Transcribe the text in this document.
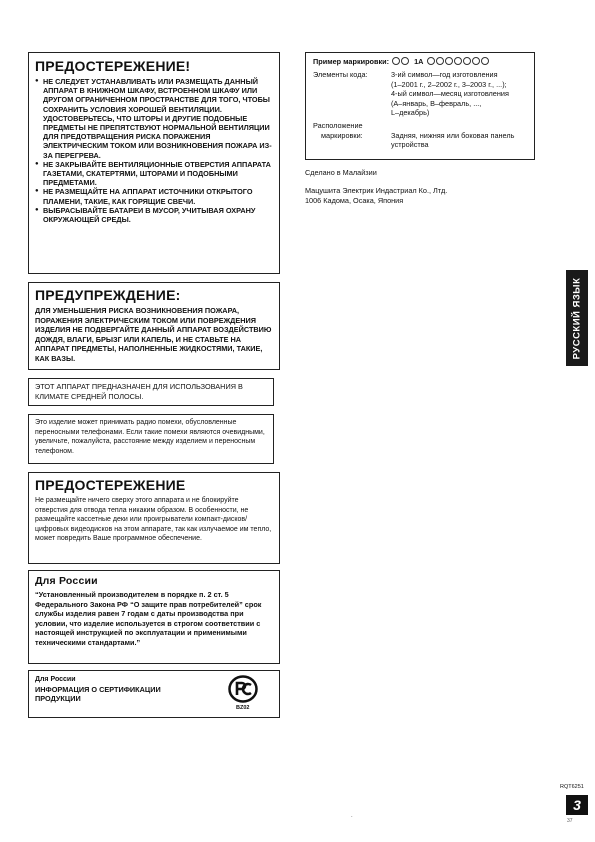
ПРЕДОСТЕРЕЖЕНИЕ!
● НЕ СЛЕДУЕТ УСТАНАВЛИВАТЬ ИЛИ РАЗМЕЩАТЬ ДАННЫЙ АППАРАТ В КНИЖНОМ ШКАФУ, ВСТРОЕННОМ ШКАФУ ИЛИ ДРУГОМ ОГРАНИЧЕННОМ ПРОСТРАНСТВЕ ДЛЯ ТОГО, ЧТОБЫ СОХРАНИТЬ УСЛОВИЯ ХОРОШЕЙ ВЕНТИЛЯЦИИ. УДОСТОВЕРЬТЕСЬ, ЧТО ШТОРЫ И ДРУГИЕ ПОДОБНЫЕ ПРЕДМЕТЫ НЕ ПРЕПЯТСТВУЮТ НОРМАЛЬНОЙ ВЕНТИЛЯЦИИ ДЛЯ ПРЕДОТВРАЩЕНИЯ РИСКА ПОРАЖЕНИЯ ЭЛЕКТРИЧЕСКИМ ТОКОМ ИЛИ ВОЗНИКНОВЕНИЯ ПОЖАРА ИЗ-ЗА ПЕРЕГРЕВА.
● НЕ ЗАКРЫВАЙТЕ ВЕНТИЛЯЦИОННЫЕ ОТВЕРСТИЯ АППАРАТА ГАЗЕТАМИ, СКАТЕРТЯМИ, ШТОРАМИ И ПОДОБНЫМИ ПРЕДМЕТАМИ.
● НЕ РАЗМЕЩАЙТЕ НА АППАРАТ ИСТОЧНИКИ ОТКРЫТОГО ПЛАМЕНИ, ТАКИЕ, КАК ГОРЯЩИЕ СВЕЧИ.
● ВЫБРАСЫВАЙТЕ БАТАРЕИ В МУСОР, УЧИТЫВАЯ ОХРАНУ ОКРУЖАЮЩЕЙ СРЕДЫ.
ПРЕДУПРЕЖДЕНИЕ:
ДЛЯ УМЕНЬШЕНИЯ РИСКА ВОЗНИКНОВЕНИЯ ПОЖАРА, ПОРАЖЕНИЯ ЭЛЕКТРИЧЕСКИМ ТОКОМ ИЛИ ПОВРЕЖДЕНИЯ ИЗДЕЛИЯ НЕ ПОДВЕРГАЙТЕ ДАННЫЙ АППАРАТ ВОЗДЕЙСТВИЮ ДОЖДЯ, ВЛАГИ, БРЫЗГ ИЛИ КАПЕЛЬ, И НЕ СТАВЬТЕ НА АППАРАТ ПРЕДМЕТЫ, НАПОЛНЕННЫЕ ЖИДКОСТЯМИ, ТАКИЕ, КАК ВАЗЫ.
ЭТОТ АППАРАТ ПРЕДНАЗНАЧЕН ДЛЯ ИСПОЛЬЗОВАНИЯ В КЛИМАТЕ СРЕДНЕЙ ПОЛОСЫ.
Это изделие может принимать радио помехи, обусловленные переносными телефонами. Если такие помехи являются очевидными, увеличьте, пожалуйста, расстояние между изделием и переносным телефоном.
ПРЕДОСТЕРЕЖЕНИЕ
Не размещайте ничего сверху этого аппарата и не блокируйте отверстия для отвода тепла никаким образом. В особенности, не размещайте кассетные деки или проигрыватели компакт-дисков/цифровых видеодисков на этом аппарате, так как излучаемое им тепло, может повредить Ваше программное обеспечение.
Для России
“Установленный производителем в порядке п. 2 ст. 5 Федерального Закона РФ “О защите прав потребителей” срок службы изделия равен 7 годам с даты производства при условии, что изделие используется в строгом соответствии с настоящей инструкцией по эксплуатации и применимыми техническими стандартами.”
Для России
ИНФОРМАЦИЯ О СЕРТИФИКАЦИИ
ПРОДУКЦИИ
BZ02
Пример маркировки:	1A
Элементы кода:	3-ий символ—год изготовления
(1–2001 г., 2–2002 г., 3–2003 г., ...);
4-ый символ—месяц изготовления
(А–январь, В–февраль, ...,
L–декабрь)
Расположение
маркировки:	Задняя, нижняя или боковая панель устройства
Сделано в Малайзии
Мацушита Электрик Индастриал Ко., Лтд.
1006 Кадома, Осака, Япония
РУССКИЙ ЯЗЫК
.
RQT6251
3
37
